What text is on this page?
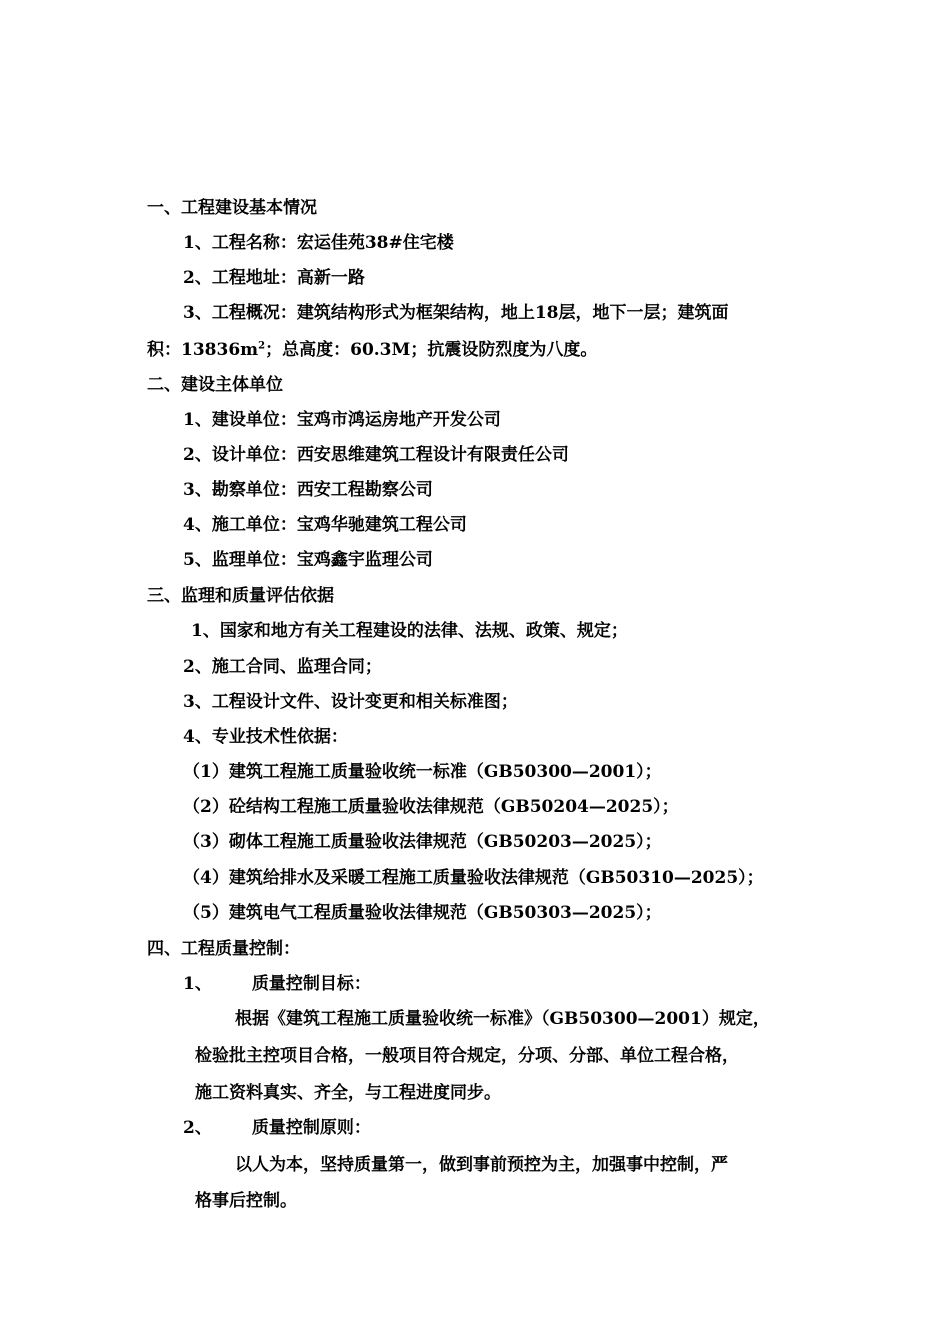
一、工程建设基本情况
1、工程名称：宏运佳苑38#住宅楼
2、工程地址：高新一路
3、工程概况：建筑结构形式为框架结构，地上18层，地下一层；建筑面
积：$13836m^2$；总高度：60.3M；抗震设防烈度为八度。
二、建设主体单位
1、建设单位：宝鸡市鸿运房地产开发公司
2、设计单位：西安思维建筑工程设计有限责任公司
3、勘察单位：西安工程勘察公司
4、施工单位：宝鸡华驰建筑工程公司
5、监理单位：宝鸡鑫宇监理公司
三、监理和质量评估依据
1、国家和地方有关工程建设的法律、法规、政策、规定；
2、施工合同、监理合同；
3、工程设计文件、设计变更和相关标准图；
4、专业技术性依据：
（1）建筑工程施工质量验收统一标准（GB50300—2001）；
（2）砼结构工程施工质量验收法律规范（GB50204—2025）；
（3）砌体工程施工质量验收法律规范（GB50203—2025）；
（4）建筑给排水及采暖工程施工质量验收法律规范（GB50310—2025）；
（5）建筑电气工程质量验收法律规范（GB50303—2025）；
四、工程质量控制：
1、 质量控制目标：
根据《建筑工程施工质量验收统一标准》（GB50300—2001）规定，
检验批主控项目合格，一般项目符合规定，分项、分部、单位工程合格，
施工资料真实、齐全，与工程进度同步。
2、 质量控制原则：
以人为本，坚持质量第一，做到事前预控为主，加强事中控制，严
格事后控制。
